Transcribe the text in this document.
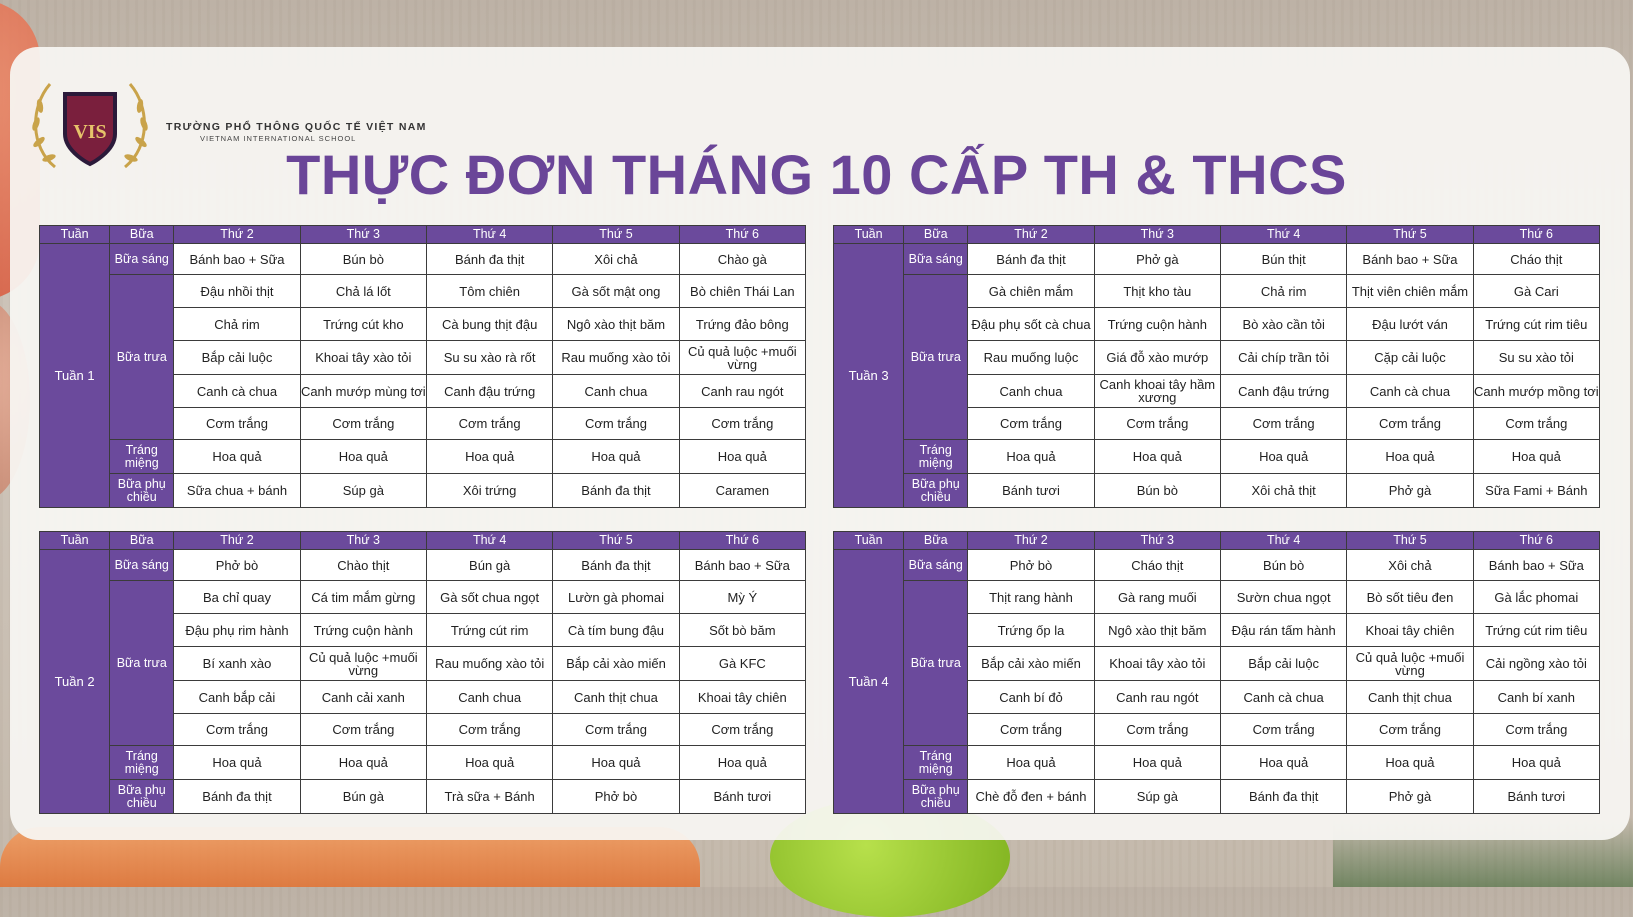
VIS	TRƯỜNG PHỔ THÔNG QUỐC TẾ VIỆT NAM
VIETNAM INTERNATIONAL SCHOOL
THỰC ĐƠN THÁNG 10 CẤP TH & THCS
Tuần	Bữa	Thứ 2	Thứ 3	Thứ 4	Thứ 5	Thứ 6
Tuần 1	Bữa sáng	Bánh bao + Sữa	Bún bò	Bánh đa thịt	Xôi chả	Chào gà
	Bữa trưa	Đậu nhồi thịt	Chả lá lốt	Tôm chiên	Gà sốt mật ong	Bò chiên Thái Lan
		Chả rim	Trứng cút kho	Cà bung thịt đậu	Ngô xào thịt băm	Trứng đảo bông
		Bắp cải luộc	Khoai tây xào tỏi	Su su xào rà rốt	Rau muống xào tỏi	Củ quả luộc +muối vừng
		Canh cà chua	Canh mướp mùng tơi	Canh đậu trứng	Canh chua	Canh rau ngót
		Cơm trắng	Cơm trắng	Cơm trắng	Cơm trắng	Cơm trắng
	Tráng miệng	Hoa quả	Hoa quả	Hoa quả	Hoa quả	Hoa quả
	Bữa phụ chiều	Sữa chua + bánh	Súp gà	Xôi trứng	Bánh đa thịt	Caramen
Tuần	Bữa	Thứ 2	Thứ 3	Thứ 4	Thứ 5	Thứ 6
Tuần 3	Bữa sáng	Bánh đa thịt	Phở gà	Bún thịt	Bánh bao + Sữa	Cháo thịt
	Bữa trưa	Gà chiên mắm	Thịt kho tàu	Chả rim	Thịt viên chiên mắm	Gà Cari
		Đậu phụ sốt cà chua	Trứng cuộn hành	Bò xào cần tỏi	Đậu lướt ván	Trứng cút rim tiêu
		Rau muống luộc	Giá đỗ xào mướp	Cải chíp trần tỏi	Cặp cải luộc	Su su xào tỏi
		Canh chua	Canh khoai tây hầm xương	Canh đậu trứng	Canh cà chua	Canh mướp mồng tơi
		Cơm trắng	Cơm trắng	Cơm trắng	Cơm trắng	Cơm trắng
	Tráng miệng	Hoa quả	Hoa quả	Hoa quả	Hoa quả	Hoa quả
	Bữa phụ chiều	Bánh tươi	Bún bò	Xôi chả thịt	Phở gà	Sữa Fami + Bánh
Tuần	Bữa	Thứ 2	Thứ 3	Thứ 4	Thứ 5	Thứ 6
Tuần 2	Bữa sáng	Phở bò	Chào thịt	Bún gà	Bánh đa thịt	Bánh bao + Sữa
	Bữa trưa	Ba chỉ quay	Cá tim mắm gừng	Gà sốt chua ngọt	Lườn gà phomai	Mỳ Ý
		Đậu phụ rim hành	Trứng cuộn hành	Trứng cút rim	Cà tím bung đậu	Sốt bò băm
		Bí xanh xào	Củ quả luộc +muối vừng	Rau muống xào tỏi	Bắp cải xào miến	Gà KFC
		Canh bắp cải	Canh cải xanh	Canh chua	Canh thịt chua	Khoai tây chiên
		Cơm trắng	Cơm trắng	Cơm trắng	Cơm trắng	Cơm trắng
	Tráng miệng	Hoa quả	Hoa quả	Hoa quả	Hoa quả	Hoa quả
	Bữa phụ chiều	Bánh đa thịt	Bún gà	Trà sữa + Bánh	Phở bò	Bánh tươi
Tuần	Bữa	Thứ 2	Thứ 3	Thứ 4	Thứ 5	Thứ 6
Tuần 4	Bữa sáng	Phở bò	Cháo thịt	Bún bò	Xôi chả	Bánh bao + Sữa
	Bữa trưa	Thịt rang hành	Gà rang muối	Sườn chua ngọt	Bò sốt tiêu đen	Gà lắc phomai
		Trứng ốp la	Ngô xào thịt băm	Đậu rán tấm hành	Khoai tây chiên	Trứng cút rim tiêu
		Bắp cải xào miến	Khoai tây xào tỏi	Bắp cải luộc	Củ quả luộc +muối vừng	Cải ngồng xào tỏi
		Canh bí đỏ	Canh rau ngót	Canh cà chua	Canh thịt chua	Canh bí xanh
		Cơm trắng	Cơm trắng	Cơm trắng	Cơm trắng	Cơm trắng
	Tráng miệng	Hoa quả	Hoa quả	Hoa quả	Hoa quả	Hoa quả
	Bữa phụ chiều	Chè đỗ đen + bánh	Súp gà	Bánh đa thịt	Phở gà	Bánh tươi
